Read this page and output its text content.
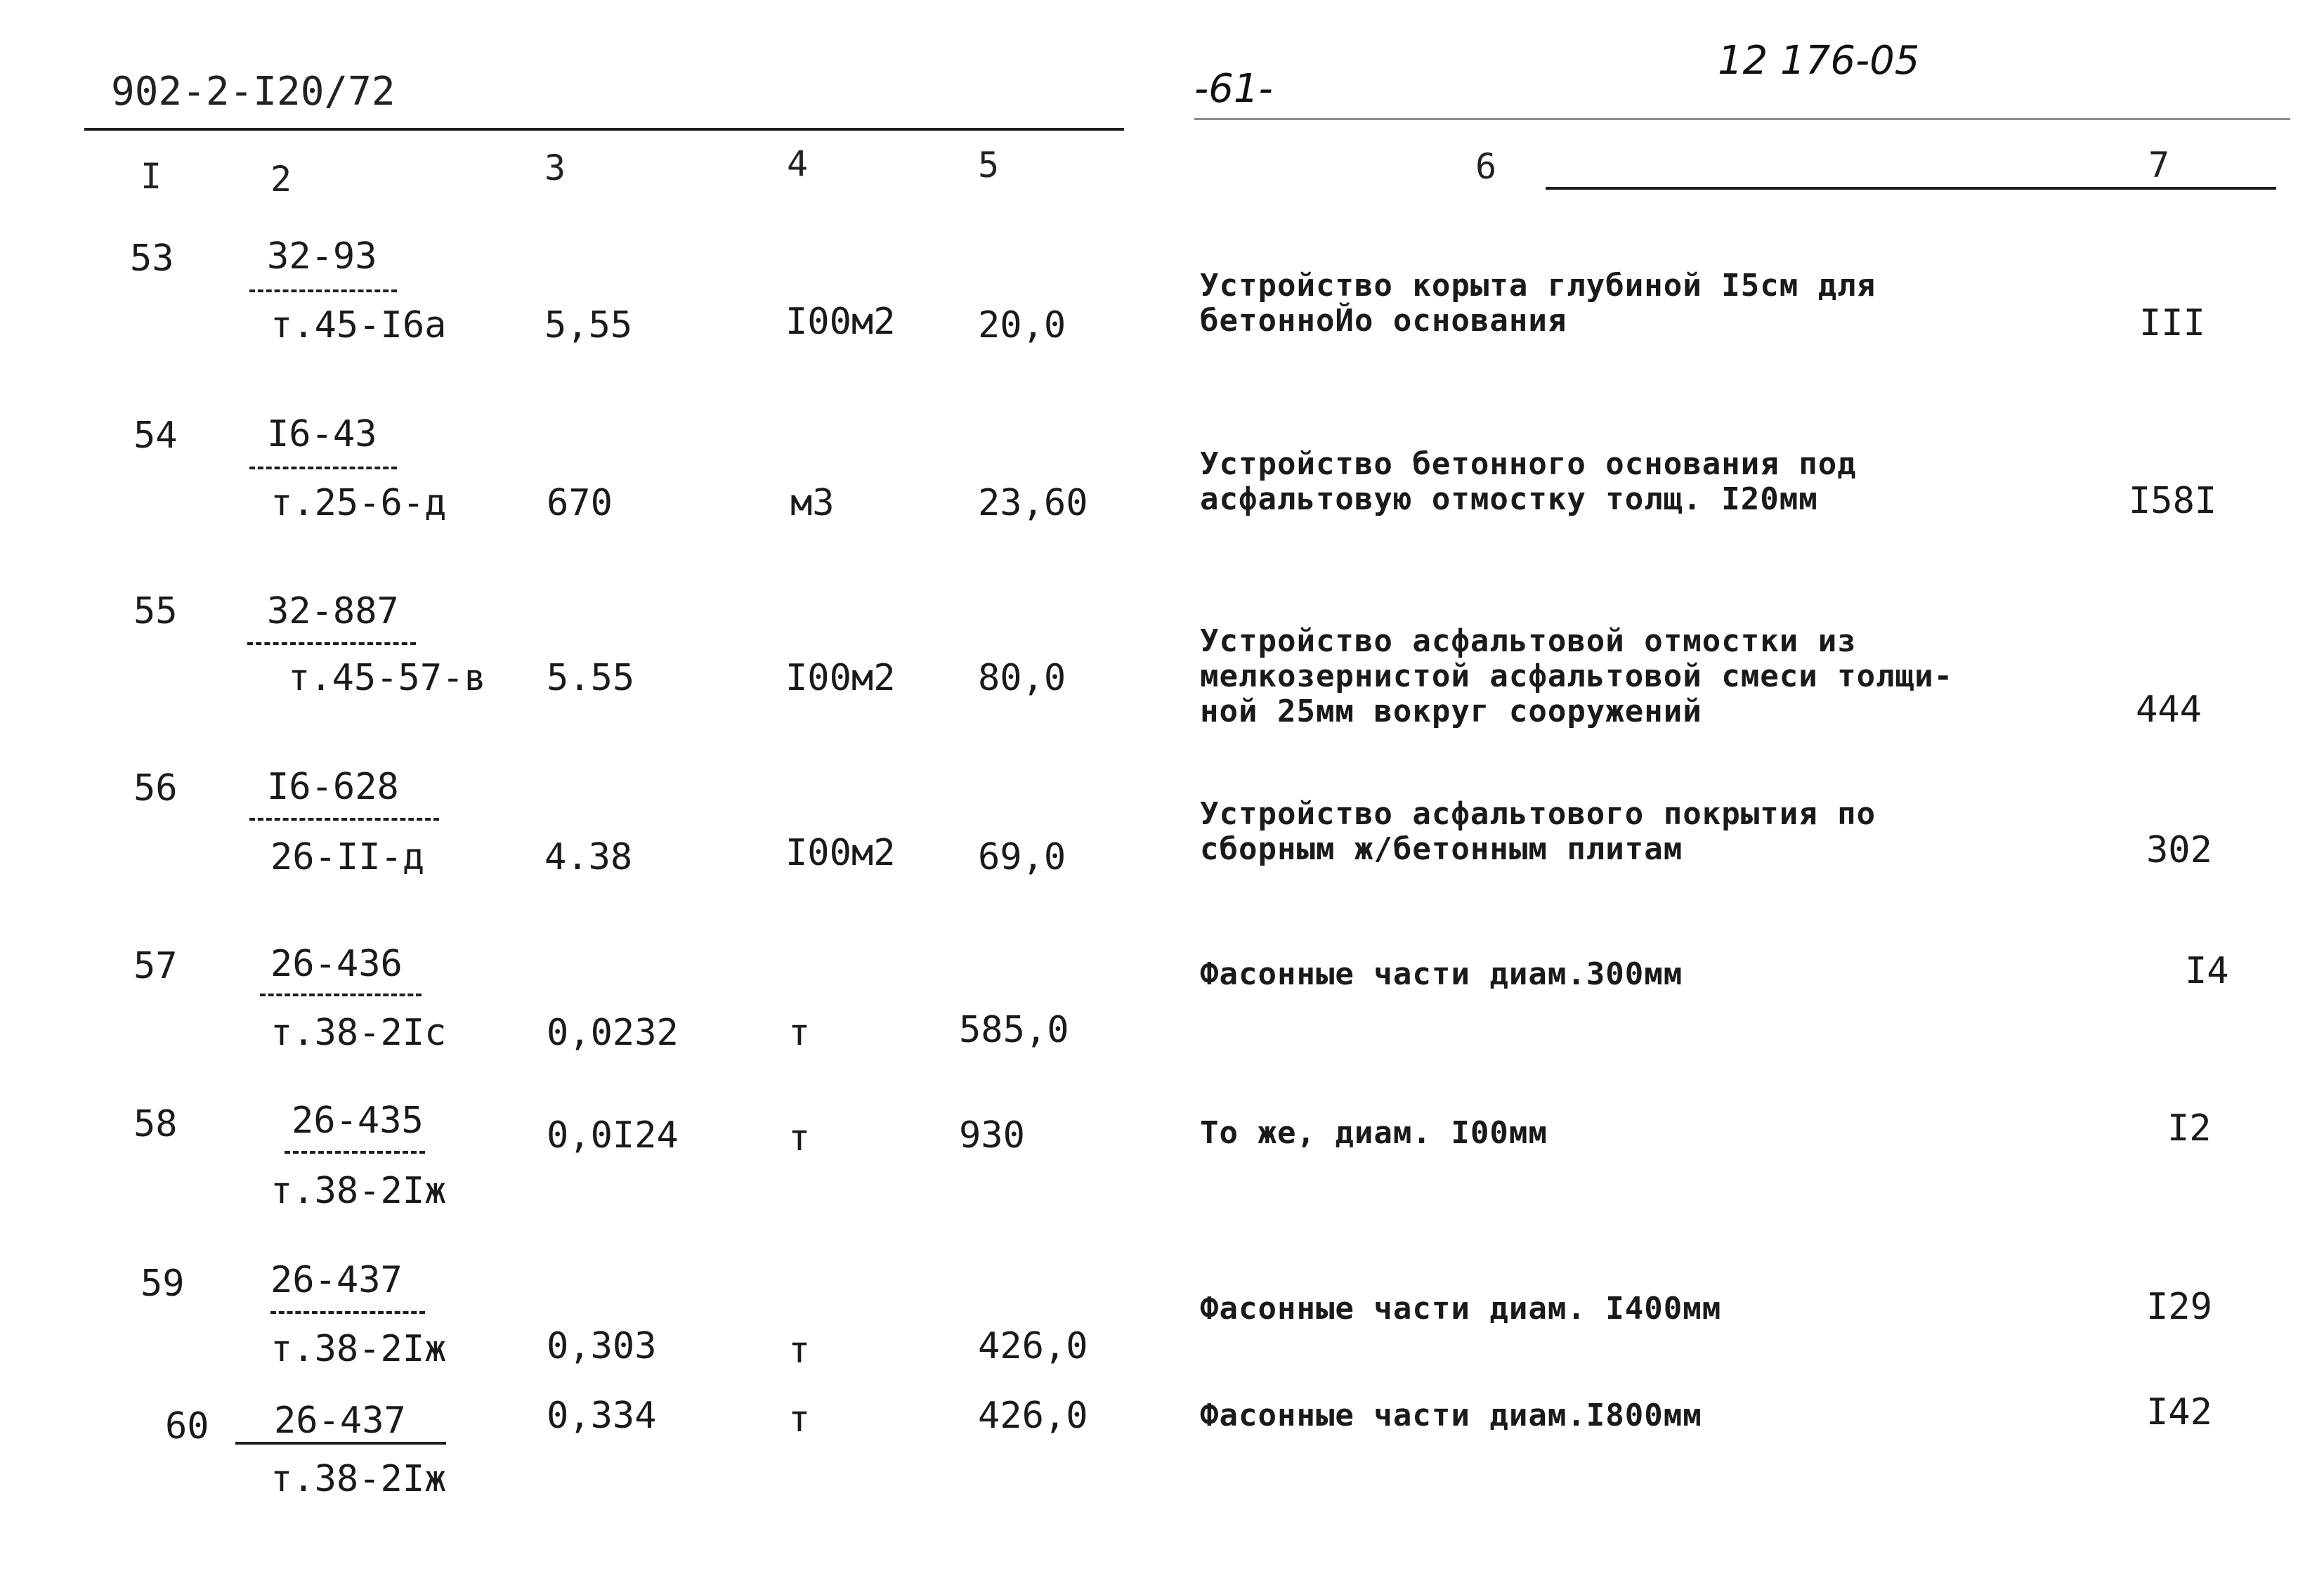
902-2-I20/72	-61-
12 176-05
I	2	3	4	5	6	7
53	32-93
т.45-I6а	5,55	I00м2 20,0
Устройство корыта глубиной I5см для
бетонноЙо основания	III
54 I6-43
т.25-6-д	670	м3	23,60
Устройство бетонного основания под
асфальтовую отмостку толщ. I20мм	I58I
55 32-887
т.45-57-в 5.55	I00м2 80,0
Устройство асфальтовой отмостки из
мелкозернистой асфальтовой смеси толщи-
ной 25мм вокруг сооружений	444
56 I6-628
26-II-д	4.38	I00м2 69,0
Устройство асфальтового покрытия по
сборным ж/бетонным плитам	302
57	26-436
т.38-2Iс	0,0232	т	585,0
Фасонные части диам.300мм	I4
58	26-435
т.38-2Iж
0,0I24	т	930	То же, диам. I00мм	I2
59 26-437
т.38-2Iж	0,303	т	426,0
Фасонные части диам. I400мм	I29
60 26-437
т.38-2Iж
0,334	т	426,0	Фасонные части диам.I800мм	I42
